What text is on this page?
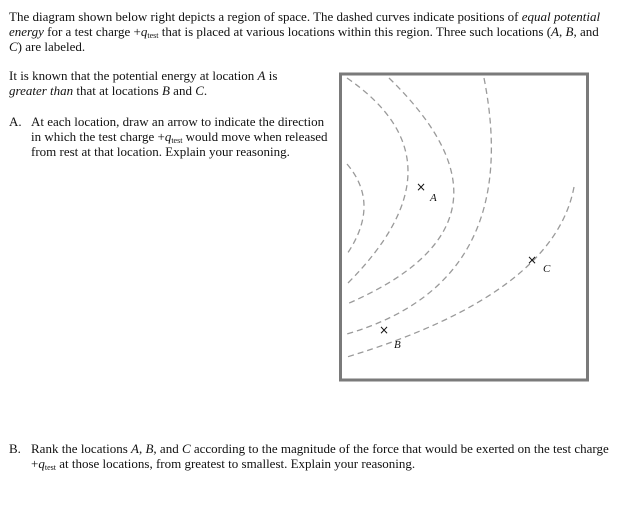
The diagram shown below right depicts a region of space. The dashed curves indicate positions of equal potential energy for a test charge $+q_{test}$ that is placed at various locations within this region. Three such locations (A, B, and C) are labeled.

It is known that the potential energy at location A is greater than that at locations B and C.

A. At each location, draw an arrow to indicate the direction in which the test charge $+q_{test}$ would move when released from rest at that location. Explain your reasoning.

×
A
×
B
×
C
B. Rank the locations A, B, and C according to the magnitude of the force that would be exerted on the test charge $+q_{test}$ at those locations, from greatest to smallest. Explain your reasoning.
